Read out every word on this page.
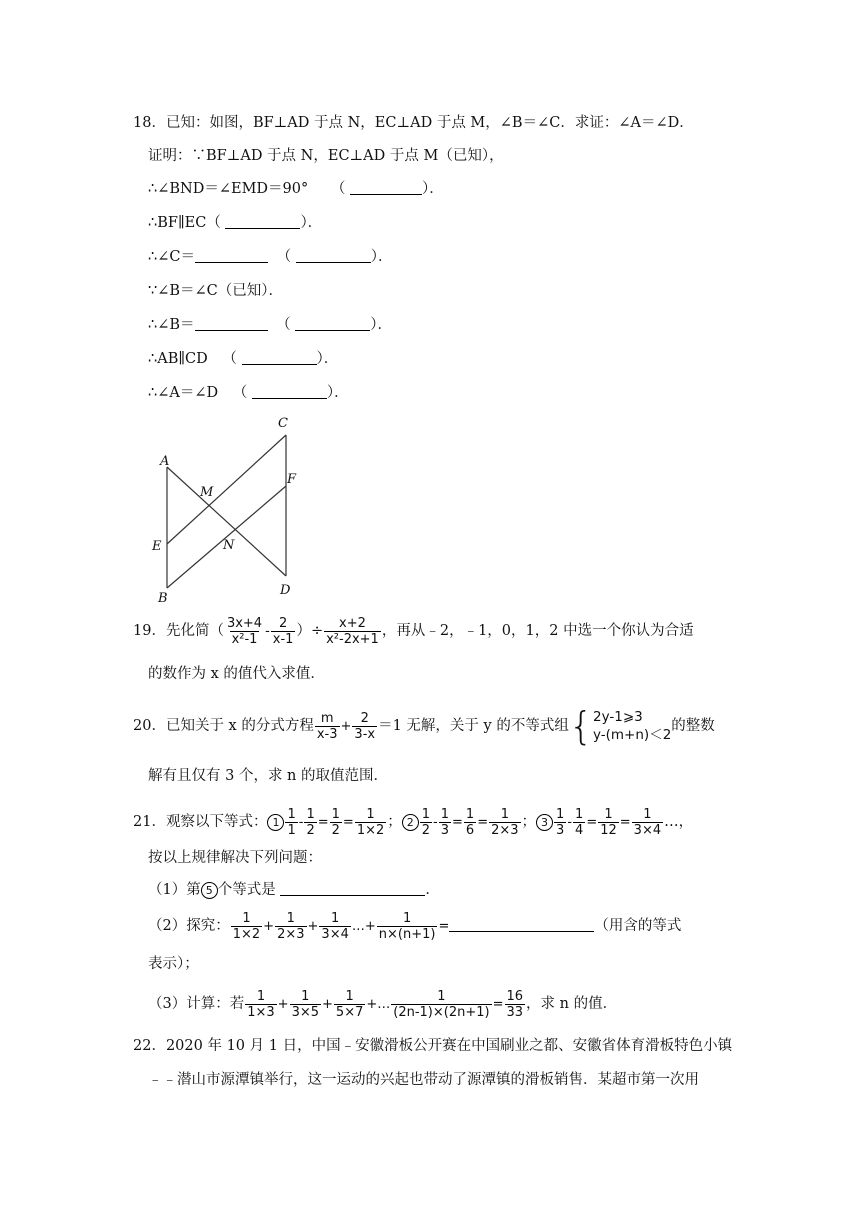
18．已知：如图，BF⊥AD 于点 N，EC⊥AD 于点 M，∠B＝∠C．求证：∠A＝∠D．
证明：∵BF⊥AD 于点 N，EC⊥AD 于点 M（已知），
∴∠BND＝∠EMD＝90° （	）．
∴BF∥EC（	）．
∴∠C＝	（	）．
∵∠B＝∠C（已知）．
∴∠B＝	（	）．
∴AB∥CD （	）．
∴∠A＝∠D （	）．
C
A
M
F
E	N
D
B
19．先化简（ $\frac{3x+4}{\text{x²-1}} - \frac{2}{x-1}$ ）÷ $\frac{x+2}{\text{x²-2x+1}}$ ，再从﹣2，﹣1，0，1，2 中选一个你认为合适
的数作为 x 的值代入求值．
20．已知关于 x 的分式方程 $\frac{m}{x-3} + \frac{2}{3-x} =1$ 无解，关于 y 的不等式组 { 2y-1⩾3
y-(m+n)＜2
的整数
解有且仅有 3 个，求 n 的取值范围．
21．观察以下等式： $1 \frac{1}{1} - \frac{1}{2} = \frac{1}{2} = \frac{1}{1\times 2}$ ； $2 \frac{1}{2} - \frac{1}{3} = \frac{1}{6} = \frac{1}{2\times 3}$ ； $3 \frac{1}{3} - \frac{1}{4} = \frac{1}{12} = \frac{1}{3\times 4}$ …，
按以上规律解决下列问题：
（1）第 5 个等式是	．
（2）探究： $\frac{1}{1\times 2} + \frac{1}{2\times 3} + \frac{1}{3\times 4}$ …+ $\frac{1}{n\times(n+1)}$ =	（用含的等式
表示）；
（3）计算：若 $\frac{1}{1\times 3} + \frac{1}{3\times 5} + \frac{1}{5\times 7}$ +… $\frac{1}{(2n-1)\times(2n+1)} = \frac{16}{33}$ ，求 n 的值．
22．2020 年 10 月 1 日，中国﹣安徽滑板公开赛在中国刷业之都、安徽省体育滑板特色小镇
﹣﹣潜山市源潭镇举行，这一运动的兴起也带动了源潭镇的滑板销售．某超市第一次用
